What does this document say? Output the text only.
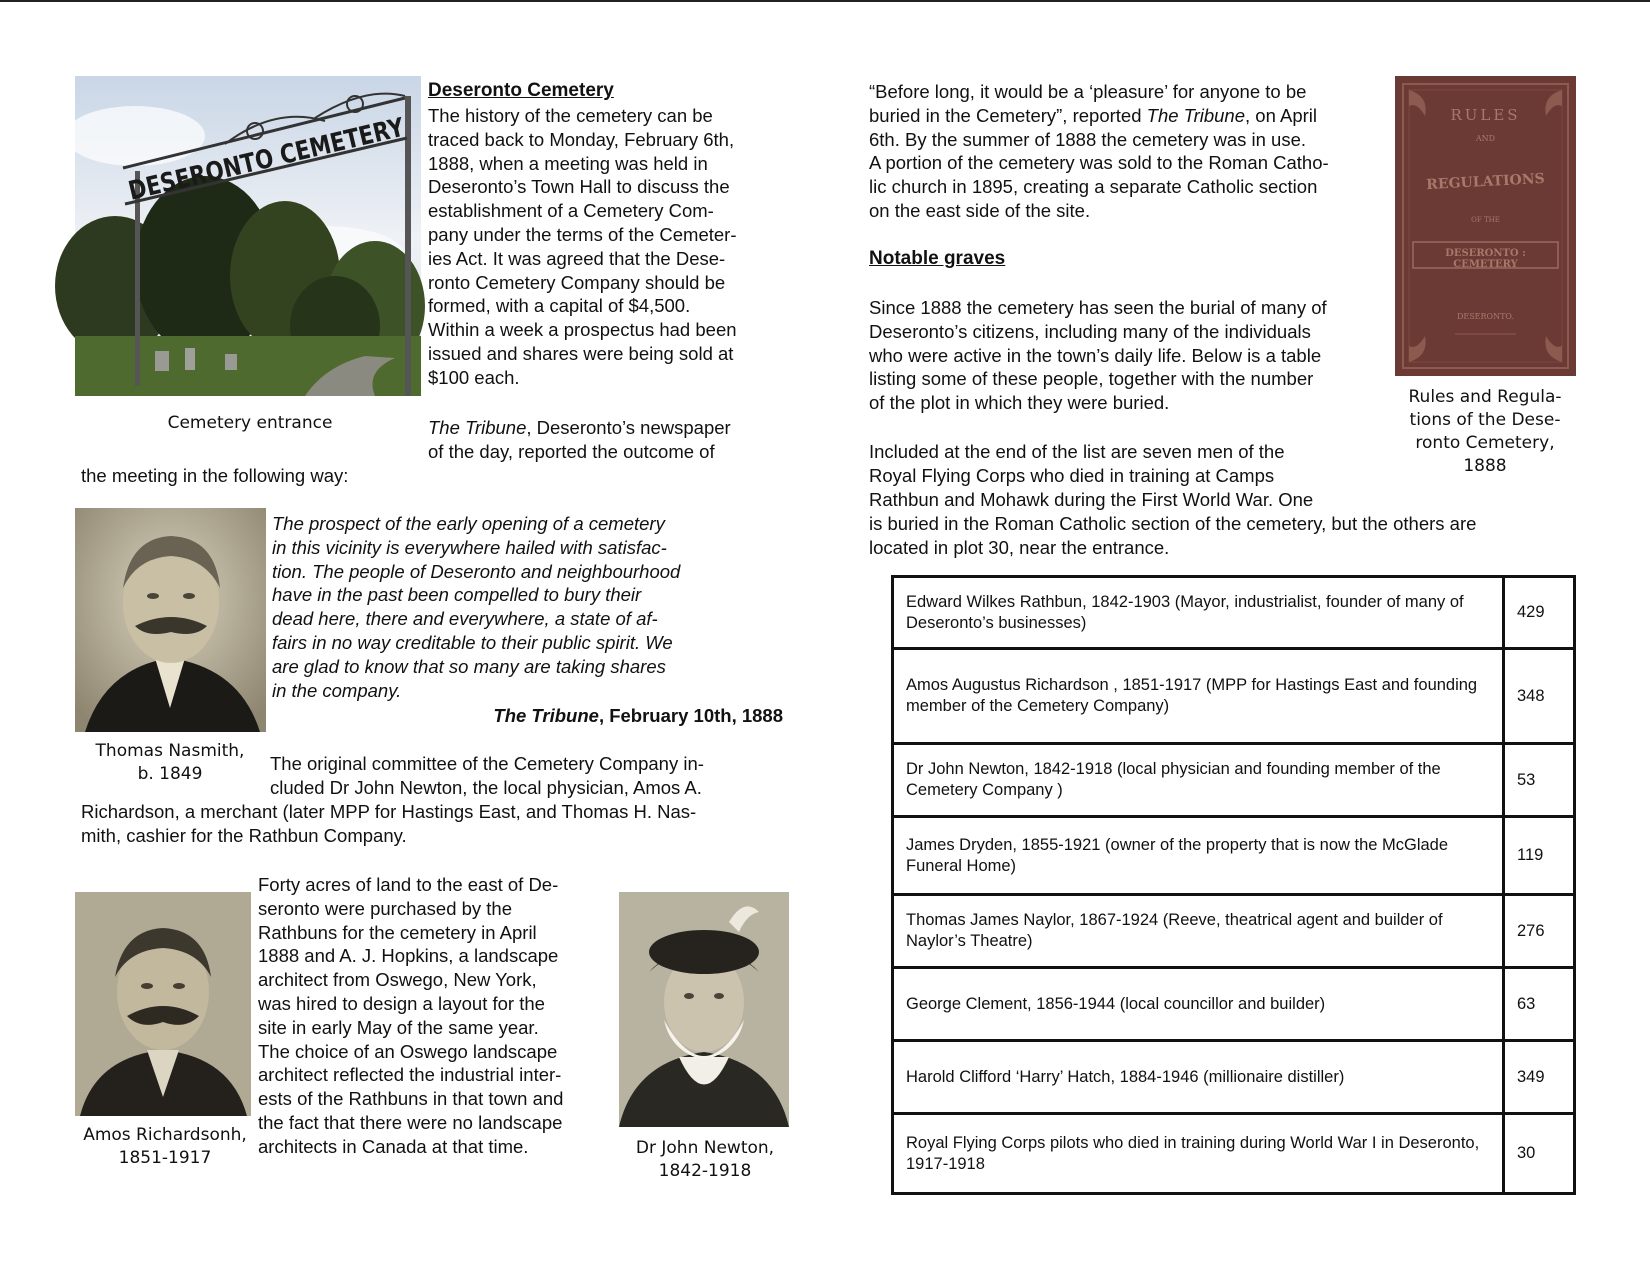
DESERONTO CEMETERY
Cemetery entrance
Deseronto Cemetery
The history of the cemetery can be
traced back to Monday, February 6th,
1888, when a meeting was held in
Deseronto’s Town Hall to discuss the
establishment of a Cemetery Com-
pany under the terms of the Cemeter-
ies Act. It was agreed that the Dese-
ronto Cemetery Company should be
formed, with a capital of $4,500.
Within a week a prospectus had been
issued and shares were being sold at
$100 each.
The Tribune, Deseronto’s newspaper
of the day, reported the outcome of
the meeting in the following way:
Thomas Nasmith,
b. 1849
The prospect of the early opening of a cemetery
in this vicinity is everywhere hailed with satisfac-
tion. The people of Deseronto and neighbourhood
have in the past been compelled to bury their
dead here, there and everywhere, a state of af-
fairs in no way creditable to their public spirit. We
are glad to know that so many are taking shares
in the company.
The Tribune, February 10th, 1888
The original committee of the Cemetery Company in-
cluded Dr John Newton, the local physician, Amos A.
Richardson, a merchant (later MPP for Hastings East, and Thomas H. Nas-
mith, cashier for the Rathbun Company.
Amos Richardsonh,
1851-1917
Forty acres of land to the east of De-
seronto were purchased by the
Rathbuns for the cemetery in April
1888 and A. J. Hopkins, a landscape
architect from Oswego, New York,
was hired to design a layout for the
site in early May of the same year.
The choice of an Oswego landscape
architect reflected the industrial inter-
ests of the Rathbuns in that town and
the fact that there were no landscape
architects in Canada at that time.	Dr John Newton,
1842-1918
“Before long, it would be a ‘pleasure’ for anyone to be
buried in the Cemetery”, reported The Tribune, on April
6th. By the summer of 1888 the cemetery was in use.
A portion of the cemetery was sold to the Roman Catho-
lic church in 1895, creating a separate Catholic section
on the east side of the site.
Notable graves
Since 1888 the cemetery has seen the burial of many of
Deseronto’s citizens, including many of the individuals
who were active in the town’s daily life. Below is a table
listing some of these people, together with the number
of the plot in which they were buried.
Included at the end of the list are seven men of the
Royal Flying Corps who died in training at Camps
Rathbun and Mohawk during the First World War. One
is buried in the Roman Catholic section of the cemetery, but the others are
located in plot 30, near the entrance.
RULES
AND
REGULATIONS
OF THE
DESERONTO : CEMETERY
DESERONTO.
Rules and Regula-
tions of the Dese-
ronto Cemetery,
1888
Edward Wilkes Rathbun, 1842-1903 (Mayor, industrialist, founder of many of Deseronto’s businesses)	429
Amos Augustus Richardson , 1851-1917 (MPP for Hastings East and founding member of the Cemetery Company)	348
Dr John Newton, 1842-1918 (local physician and founding member of the Cemetery Company )	53
James Dryden, 1855-1921 (owner of the property that is now the McGlade Funeral Home)	119
Thomas James Naylor, 1867-1924 (Reeve, theatrical agent and builder of Naylor’s Theatre)	276
George Clement, 1856-1944 (local councillor and builder)	63
Harold Clifford ‘Harry’ Hatch, 1884-1946 (millionaire distiller)	349
Royal Flying Corps pilots who died in training during World War I in Deseronto, 1917-1918	30
